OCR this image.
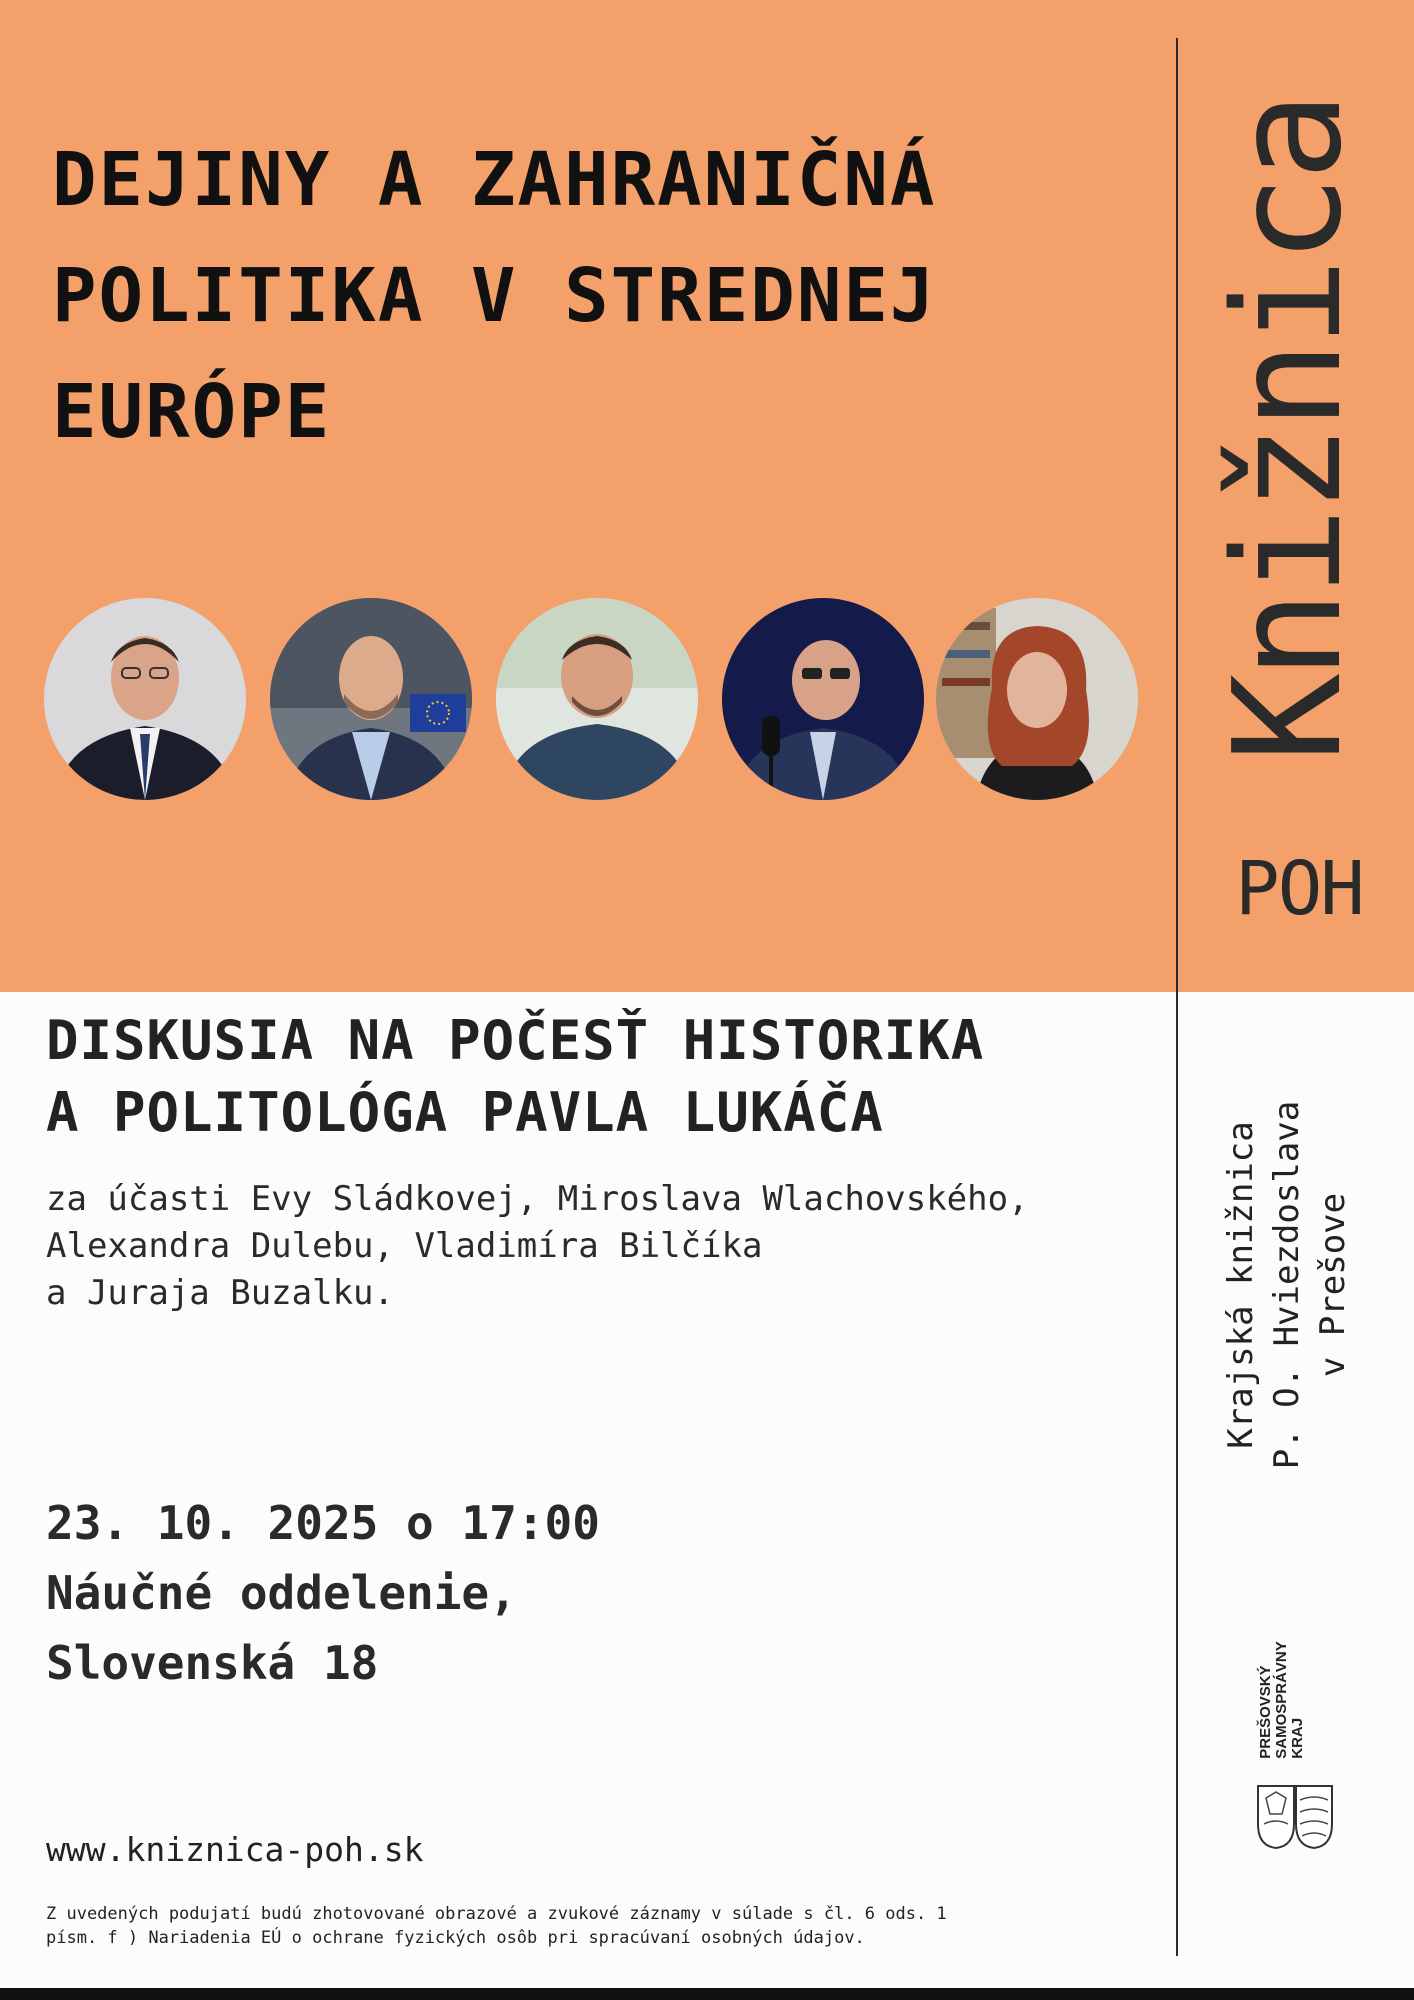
DEJINY A ZAHRANIČNÁ
POLITIKA V STREDNEJ
EURÓPE	Knižnica
POH
Krajská knižnica P. O. Hviezdoslava v Prešove
DISKUSIA NA POČESŤ HISTORIKA
A POLITOLÓGA PAVLA LUKÁČA
za účasti Evy Sládkovej, Miroslava Wlachovského,
Alexandra Dulebu, Vladimíra Bilčíka
a Juraja Buzalku.
23. 10. 2025 o 17:00
Náučné oddelenie,
Slovenská 18
www.kniznica-poh.sk
Z uvedených podujatí budú zhotovované obrazové a zvukové záznamy v súlade s čl. 6 ods. 1
písm. f ) Nariadenia EÚ o ochrane fyzických osôb pri spracúvaní osobných údajov.
PREŠOVSKÝ SAMOSPRÁVNY KRAJ
